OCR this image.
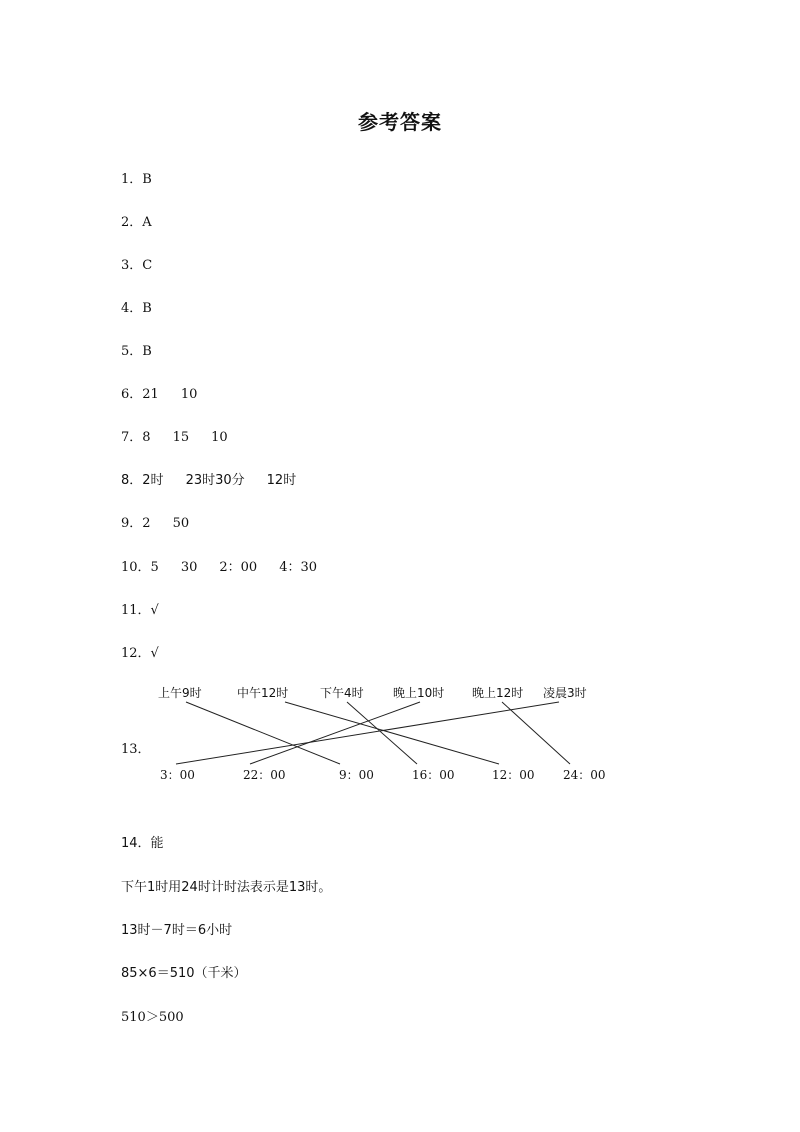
参考答案
1．B
2．A
3．C
4．B
5．B
6．21 10
7．8 15 10
8．2时 23时30分 12时
9．2 50
10．5 30 2：00 4：30
11．√
12．√
13．
上午9时	中午12时	下午4时 晚上10时 晚上12时 凌晨3时
3：00	22：00	9：00	16：00	12：00 24：00
14．能
下午1时用24时计时法表示是13时。
13时－7时＝6小时
85×6＝510（千米）
510＞500
